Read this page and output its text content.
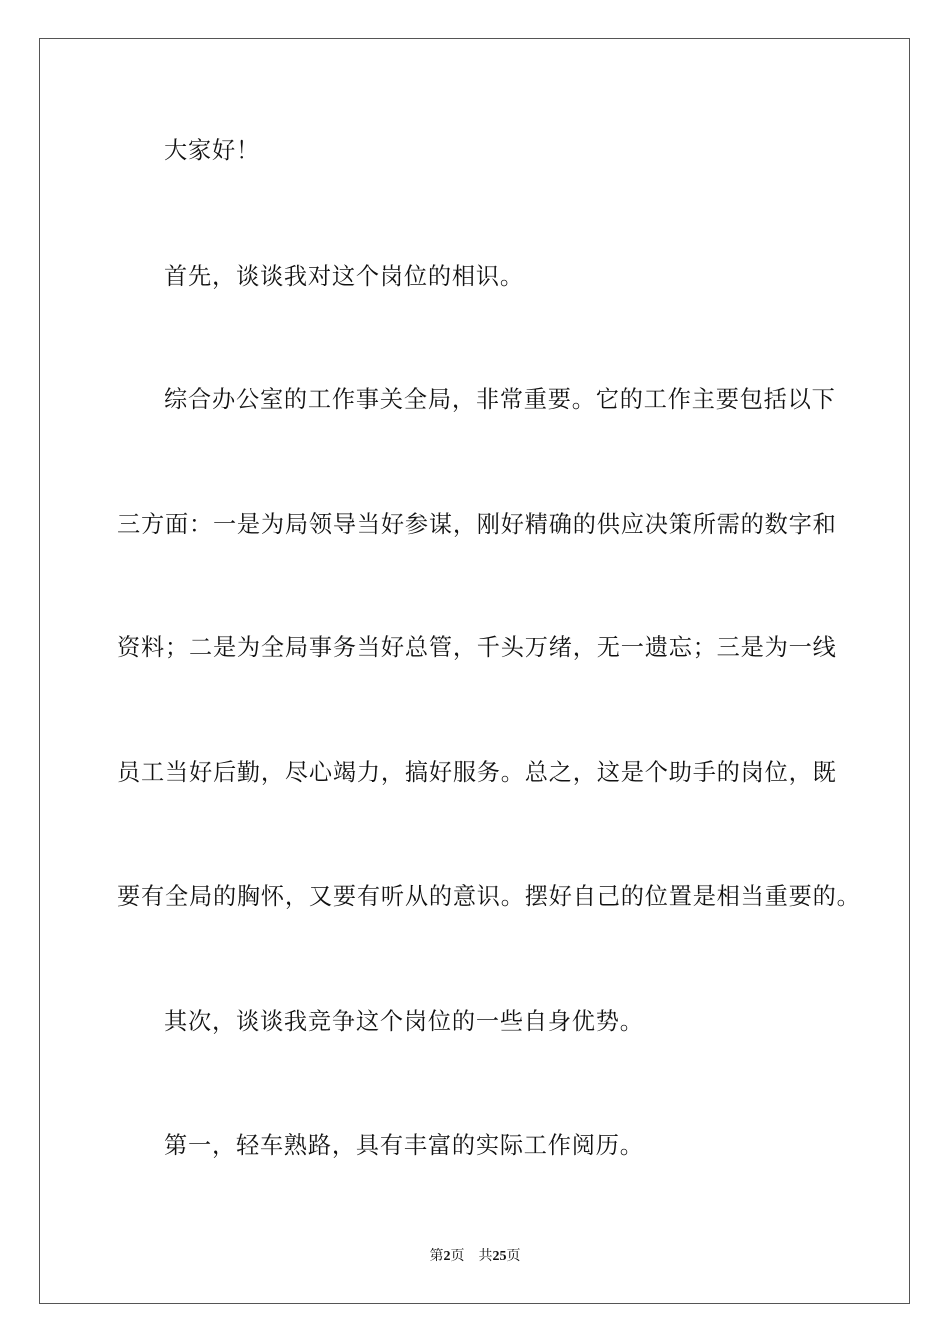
大家好！
首先，谈谈我对这个岗位的相识。
综合办公室的工作事关全局，非常重要。它的工作主要包括以下
三方面：一是为局领导当好参谋，刚好精确的供应决策所需的数字和
资料；二是为全局事务当好总管，千头万绪，无一遗忘；三是为一线
员工当好后勤，尽心竭力，搞好服务。总之，这是个助手的岗位，既
要有全局的胸怀，又要有听从的意识。摆好自己的位置是相当重要的。
其次，谈谈我竞争这个岗位的一些自身优势。
第一，轻车熟路，具有丰富的实际工作阅历。
第2页 共25页
